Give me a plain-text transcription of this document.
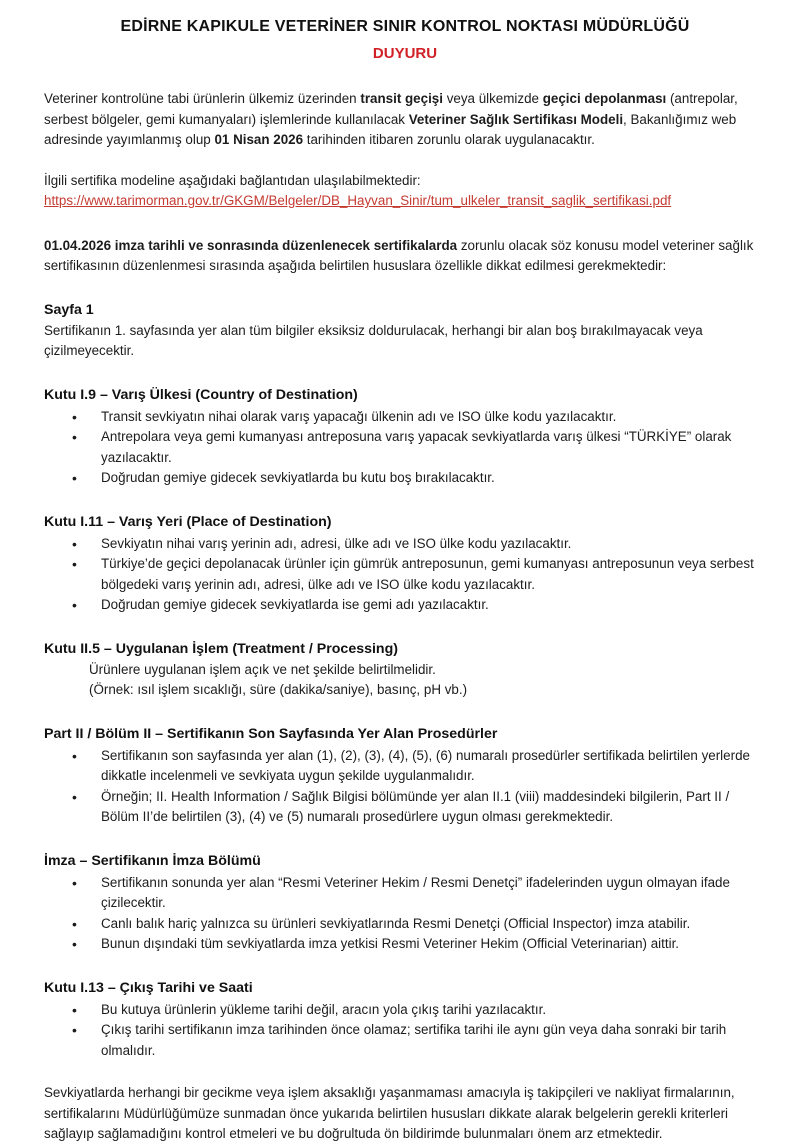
EDİRNE KAPIKULE VETERİNER SINIR KONTROL NOKTASI MÜDÜRLÜĞÜ
DUYURU

Veteriner kontrolüne tabi ürünlerin ülkemiz üzerinden transit geçişi veya ülkemizde geçici depolanması (antrepolar, serbest bölgeler, gemi kumanyaları) işlemlerinde kullanılacak Veteriner Sağlık Sertifikası Modeli, Bakanlığımız web adresinde yayımlanmış olup 01 Nisan 2026 tarihinden itibaren zorunlu olarak uygulanacaktır.

İlgili sertifika modeline aşağıdaki bağlantıdan ulaşılabilmektedir:

https://www.tarimorman.gov.tr/GKGM/Belgeler/DB_Hayvan_Sinir/tum_ulkeler_transit_saglik_sertifikasi.pdf

01.04.2026 imza tarihli ve sonrasında düzenlenecek sertifikalarda zorunlu olacak söz konusu model veteriner sağlık sertifikasının düzenlenmesi sırasında aşağıda belirtilen hususlara özellikle dikkat edilmesi gerekmektedir:

Sayfa 1

Sertifikanın 1. sayfasında yer alan tüm bilgiler eksiksiz doldurulacak, herhangi bir alan boş bırakılmayacak veya çizilmeyecektir.

Kutu I.9 – Varış Ülkesi (Country of Destination)
• Transit sevkiyatın nihai olarak varış yapacağı ülkenin adı ve ISO ülke kodu yazılacaktır.
• Antrepolara veya gemi kumanyası antreposuna varış yapacak sevkiyatlarda varış ülkesi “TÜRKİYE” olarak yazılacaktır.
• Doğrudan gemiye gidecek sevkiyatlarda bu kutu boş bırakılacaktır.
Kutu I.11 – Varış Yeri (Place of Destination)
• Sevkiyatın nihai varış yerinin adı, adresi, ülke adı ve ISO ülke kodu yazılacaktır.
• Türkiye’de geçici depolanacak ürünler için gümrük antreposunun, gemi kumanyası antreposunun veya serbest bölgedeki varış yerinin adı, adresi, ülke adı ve ISO ülke kodu yazılacaktır.
• Doğrudan gemiye gidecek sevkiyatlarda ise gemi adı yazılacaktır.
Kutu II.5 – Uygulanan İşlem (Treatment / Processing)
Ürünlere uygulanan işlem açık ve net şekilde belirtilmelidir.
(Örnek: ısıl işlem sıcaklığı, süre (dakika/saniye), basınç, pH vb.)
Part II / Bölüm II – Sertifikanın Son Sayfasında Yer Alan Prosedürler
• Sertifikanın son sayfasında yer alan (1), (2), (3), (4), (5), (6) numaralı prosedürler sertifikada belirtilen yerlerde dikkatle incelenmeli ve sevkiyata uygun şekilde uygulanmalıdır.
• Örneğin; II. Health Information / Sağlık Bilgisi bölümünde yer alan II.1 (viii) maddesindeki bilgilerin, Part II / Bölüm II’de belirtilen (3), (4) ve (5) numaralı prosedürlere uygun olması gerekmektedir.
İmza – Sertifikanın İmza Bölümü
• Sertifikanın sonunda yer alan “Resmi Veteriner Hekim / Resmi Denetçi” ifadelerinden uygun olmayan ifade çizilecektir.
• Canlı balık hariç yalnızca su ürünleri sevkiyatlarında Resmi Denetçi (Official Inspector) imza atabilir.
• Bunun dışındaki tüm sevkiyatlarda imza yetkisi Resmi Veteriner Hekim (Official Veterinarian) aittir.
Kutu I.13 – Çıkış Tarihi ve Saati
• Bu kutuya ürünlerin yükleme tarihi değil, aracın yola çıkış tarihi yazılacaktır.
• Çıkış tarihi sertifikanın imza tarihinden önce olamaz; sertifika tarihi ile aynı gün veya daha sonraki bir tarih olmalıdır.

Sevkiyatlarda herhangi bir gecikme veya işlem aksaklığı yaşanmaması amacıyla iş takipçileri ve nakliyat firmalarının, sertifikalarını Müdürlüğümüze sunmadan önce yukarıda belirtilen hususları dikkate alarak belgelerin gerekli kriterleri sağlayıp sağlamadığını kontrol etmeleri ve bu doğrultuda ön bildirimde bulunmaları önem arz etmektedir.
